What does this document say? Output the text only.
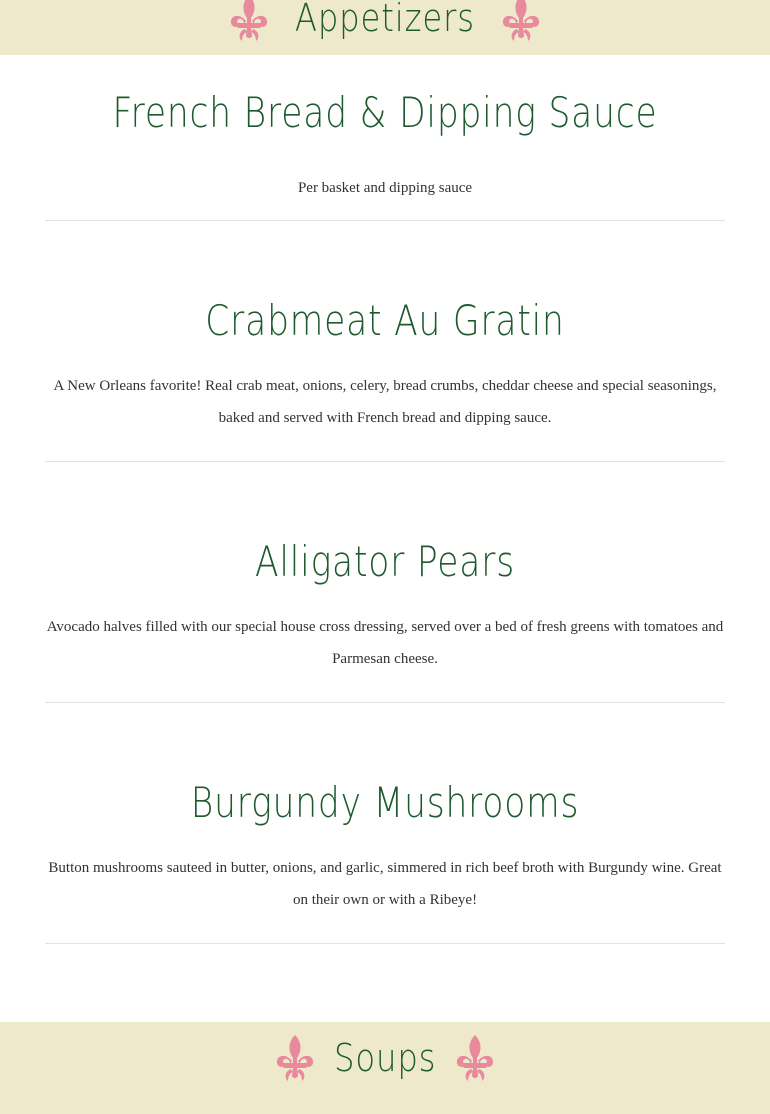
Appetizers
French Bread & Dipping Sauce

Per basket and dipping sauce

Crabmeat Au Gratin

A New Orleans favorite! Real crab meat, onions, celery, bread crumbs, cheddar cheese and special seasonings, baked and served with French bread and dipping sauce.

Alligator Pears

Avocado halves filled with our special house cross dressing, served over a bed of fresh greens with tomatoes and Parmesan cheese.

Burgundy Mushrooms

Button mushrooms sauteed in butter, onions, and garlic, simmered in rich beef broth with Burgundy wine. Great on their own or with a Ribeye!

Soups
